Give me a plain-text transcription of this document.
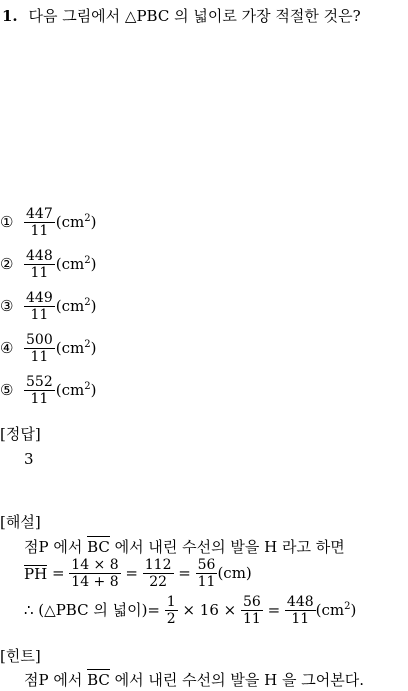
1. 다음 그림에서 △PBC 의 넓이로 가장 적절한 것은?
① $\frac{447}{11} (cm^2)$
② $\frac{448}{11} (cm^2)$
③ $\frac{449}{11} (cm^2)$
④ $\frac{500}{11} (cm^2)$
⑤ $\frac{552}{11} (cm^2)$
[정답]
3
[해설]
점P 에서 BC 에서 내린 수선의 발을 H 라고 하면
PH = $\frac{14 \times 8}{14 + 8} = \frac{112}{22} = \frac{56}{11} (cm)$
∴ (△PBC 의 넓이)= $\frac{1}{2} \times 16 \times \frac{56}{11} = \frac{448}{11} (cm^2)$
[힌트]
점P 에서 BC 에서 내린 수선의 발을 H 을 그어본다.
